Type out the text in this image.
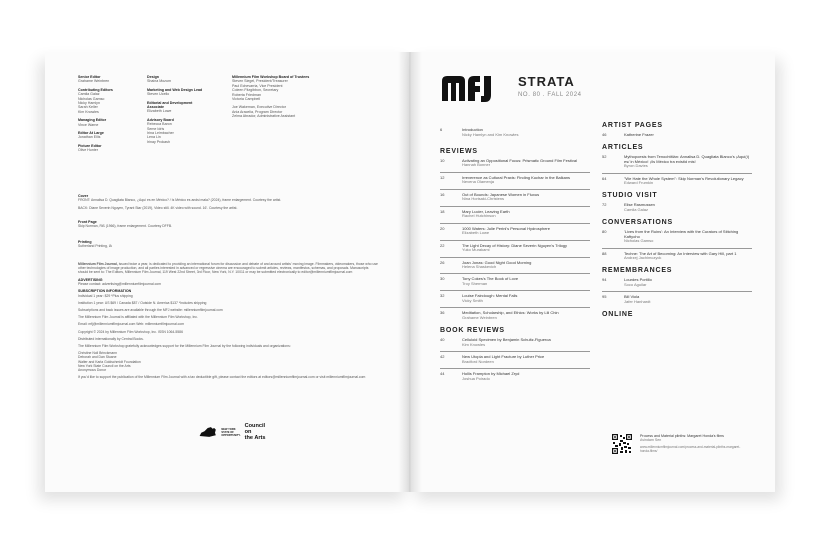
Senior Editor
Grahame Weinbren
Contributing Editors
Camila Galaz
Nicholas Gamso
Nicky Hamlyn
Sarah Keller
Kim Knowles
Managing Editor
Vince Warne
Editor At Large
Jonathan Ellis
Picture Editor
Olive Hunter
Design
Shaina Mozum
Marketing and Web Design Lead
Steven Ucello
Editorial and Development Associate
Elizabeth Lowe
Advisory Board
Rebecca Baron
Seme Idris
Irina Leimbacher
Lena Lin
Irinay Prokash
Millennium Film Workshop Board of Trustees
Steven Siegel, President/Treasurer
Paul Echevarria, Vice President
Coleen Fitzgibbon, Secretary
Roberta Friedman
Victoria Campbell
Joe Wakeman, Executive Director
Ania Aracelia, Program Director
Zelma Abrador, Administrative Assistant
Cover
FRONT: Annalisa D. Quagliata Blanco, ¿Aquí es en México? / Is México es andsi mala? (2024), frame enlargement. Courtesy the artist.
BACK: Diane Severin Nguyen, Tyrant Star (2019), Video still. 4K video with sound. 16'. Courtesy the artist.
Front Page
Skip Norman, Riß (1966), frame enlargement. Courtesy DFFB.
Printing
Sutherland Printing, IA
Millennium Film Journal, issued twice a year, is dedicated to providing an international forum for discussion and debate of and around artists' moving image. Filmmakers, videomakers, those who use other technologies of image production, and all parties interested in advanced or regressive cinema are encouraged to submit articles, reviews, manifestos, schemas, and proposals. Manuscripts should be sent to: The Editors, Millennium Film Journal, 119 West 22nd Street, 3rd Floor, New York, N.Y. 10011 or may be submitted electronically to editor@millenniumfilmjournal.com
ADVERTISING
Please contact: advertising@millenniumfilmjournal.com
SUBSCRIPTION INFORMATION
Individual 1 year: $29 *Plus shipping
Institution 1 year: US $69 / Canada $87 / Outside N. America $137 *Includes shipping
Subscriptions and back issues are available through the MFJ website: millenniumfilmjournal.com
The Millennium Film Journal is affiliated with the Millennium Film Workshop, Inc.
Email: mfj@millenniumfilmjournal.com Web: millenniumfilmjournal.com
Copyright © 2024 by Millennium Film Workshop, Inc. ISSN 1064-5586
Distributed internationally by Central Books.
The Millennium Film Workshop gratefully acknowledges support for the Millennium Film Journal by the following individuals and organizations:
Christine Noll Brinckmann
Deborah and Dan Stuane
Walter and Karla Goldschmidt Foundation
New York State Council on the Arts
Anonymous Donor
If you'd like to support the publication of the Millennium Film Journal with a tax deductible gift, please contact the editors at editors@millenniumfilmjournal.com or visit millenniumfilmjournal.com
NEW YORK
STATE OF
OPPORTUNITY.
Council on
the Arts
STRATA
NO. 80 . FALL 2024
6	Introduction
Nicky Hamlyn and Kim Knowles
REVIEWS
10	Activating an Oppositional Focus: Prismatic Ground Film Festival
Hannah Bonner
12	Irreverence as Cultural Praxis: Finding Kuchar in the Balkans
Nevena Olamenja
16	Out of Bounds: Japanese Women in Fluxus
Nina Horisaki-Christens
18	Mary Lucier, Leaving Earth
Rachel Hutchinson
20	1000 Waters: Julie Perini's Personal Hydrosphere
Elizabeth Lowe
22	The Light Decay of History: Diane Severin Nguyen's Trilogy
Yuko Murakami
26	Joan Jonas: Good Night Good Morning
Helena Shaskevich
30	Tony Cokes's The Book of Love
Troy Sherman
32	Louise Fairclough: Mental Falls
Vicky Smith
36	Meditation, Scholarship, and Ethics: Works by Lili Chin
Grahame Weinbren
BOOK REVIEWS
40	Celluloid Specimen by Benjamin Schultz-Figueroa
Kim Knowles
42	New Utopia and Light Fracture by Luther Price
Bradford Nordeen
44	Hollis Frampton by Michael Zryd
Joshua Poirado
ARTIST PAGES
46	Katherine Frazer
ARTICLES
52	Mythopoesis from Tenochtitlán: Annalisa D. Quagliata Blanco's ¡Aquí(í) es/ in México! ¡/Is México tra existid mis!
Byron Davies
64	"We Hate the Whole System": Skip Norman's Revolutionary Legacy
Edward Frumkin
STUDIO VISIT
72	Elise Rasmussen
Camila Galaz
CONVERSATIONS
80	'Lives from the Ruins': An Interview with the Curators of Stitching Kaftyoho
Nicholas Gamso
88	Techne: The Art of Becoming: An Interview with Gary Hill, part 1
Andrzej Jachimczyck
REMEMBRANCES
94	Lourdes Portillo
Soco Aguilar
95	Bill Viola
Jafer Hanhardt
ONLINE
Process and Material plinths: Margaret Honda's films
Avindam Sen
www.millenniumfilmjournal.com/process-and-material-plinths-margaret-honda-films/
